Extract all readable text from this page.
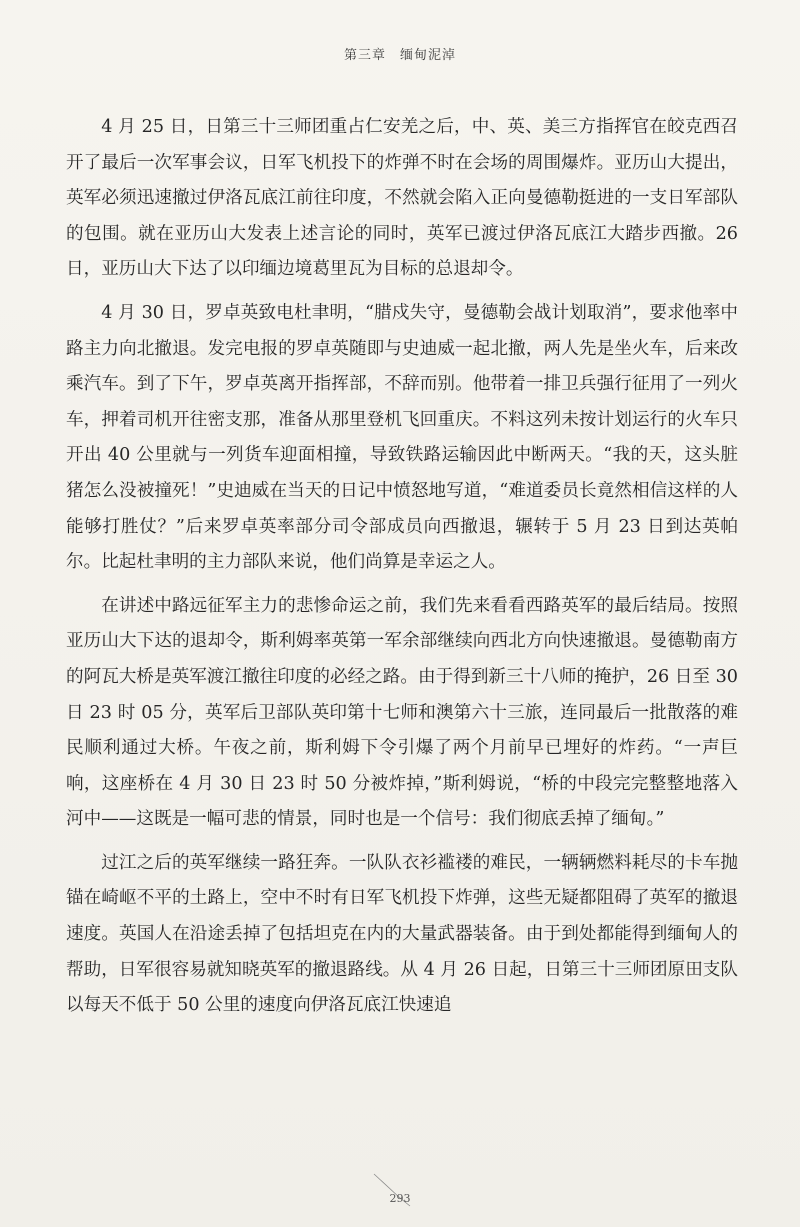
第三章 缅甸泥淖

4 月 25 日，日第三十三师团重占仁安羌之后，中、英、美三方指挥官在皎克西召开了最后一次军事会议，日军飞机投下的炸弹不时在会场的周围爆炸。亚历山大提出，英军必须迅速撤过伊洛瓦底江前往印度，不然就会陷入正向曼德勒挺进的一支日军部队的包围。就在亚历山大发表上述言论的同时，英军已渡过伊洛瓦底江大踏步西撤。26 日，亚历山大下达了以印缅边境葛里瓦为目标的总退却令。

4 月 30 日，罗卓英致电杜聿明，“腊戍失守，曼德勒会战计划取消”，要求他率中路主力向北撤退。发完电报的罗卓英随即与史迪威一起北撤，两人先是坐火车，后来改乘汽车。到了下午，罗卓英离开指挥部，不辞而别。他带着一排卫兵强行征用了一列火车，押着司机开往密支那，准备从那里登机飞回重庆。不料这列未按计划运行的火车只开出 40 公里就与一列货车迎面相撞，导致铁路运输因此中断两天。“我的天，这头脏猪怎么没被撞死！”史迪威在当天的日记中愤怒地写道，“难道委员长竟然相信这样的人能够打胜仗？”后来罗卓英率部分司令部成员向西撤退，辗转于 5 月 23 日到达英帕尔。比起杜聿明的主力部队来说，他们尚算是幸运之人。

在讲述中路远征军主力的悲惨命运之前，我们先来看看西路英军的最后结局。按照亚历山大下达的退却令，斯利姆率英第一军余部继续向西北方向快速撤退。曼德勒南方的阿瓦大桥是英军渡江撤往印度的必经之路。由于得到新三十八师的掩护，26 日至 30 日 23 时 05 分，英军后卫部队英印第十七师和澳第六十三旅，连同最后一批散落的难民顺利通过大桥。午夜之前，斯利姆下令引爆了两个月前早已埋好的炸药。“一声巨响，这座桥在 4 月 30 日 23 时 50 分被炸掉，”斯利姆说，“桥的中段完完整整地落入河中——这既是一幅可悲的情景，同时也是一个信号：我们彻底丢掉了缅甸。”

过江之后的英军继续一路狂奔。一队队衣衫褴褛的难民，一辆辆燃料耗尽的卡车抛锚在崎岖不平的土路上，空中不时有日军飞机投下炸弹，这些无疑都阻碍了英军的撤退速度。英国人在沿途丢掉了包括坦克在内的大量武器装备。由于到处都能得到缅甸人的帮助，日军很容易就知晓英军的撤退路线。从 4 月 26 日起，日第三十三师团原田支队以每天不低于 50 公里的速度向伊洛瓦底江快速追

293
